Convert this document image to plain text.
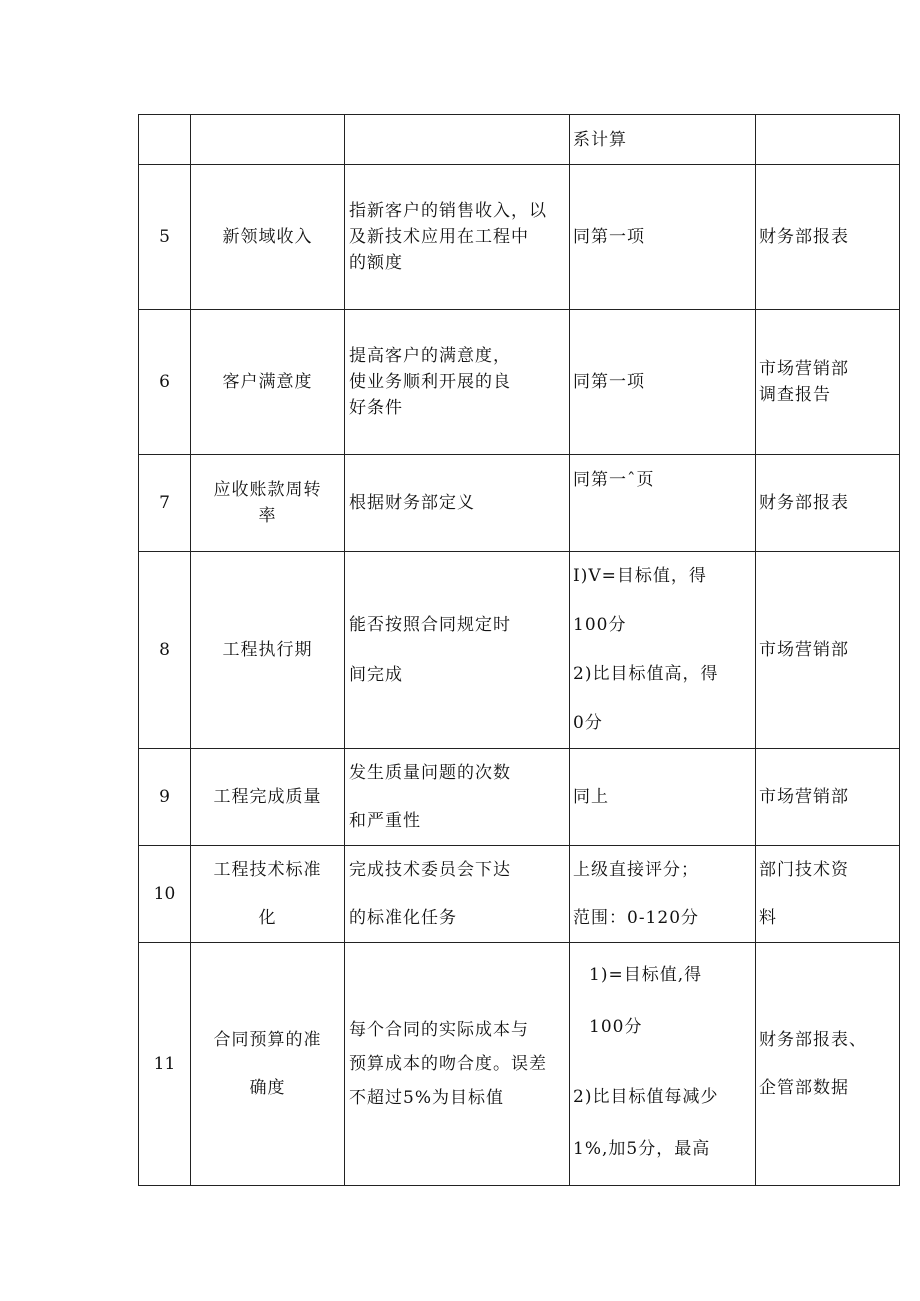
			系计算	

5	新领域收入	指新客户的销售收入，以
及新技术应用在工程中
的额度	同第一项	财务部报表

6	客户满意度	提高客户的满意度，
使业务顺利开展的良
好条件	同第一项	市场营销部
调查报告

7	应收账款周转
率	根据财务部定义	同第一ˆ页	财务部报表

8	工程执行期	能否按照合同规定时
间完成	I)V=目标值，得
100分
2)比目标值高，得
0分	市场营销部

9	工程完成质量	发生质量问题的次数
和严重性	同上	市场营销部

10	工程技术标准
化	完成技术委员会下达
的标准化任务	上级直接评分；
范围：0-120分	部门技术资
料

11	合同预算的准
确度	每个合同的实际成本与
预算成本的吻合度。误差
不超过5%为目标值	1)=目标值,得
100分
2)比目标值每减少
1%,加5分，最高	财务部报表、
企管部数据
